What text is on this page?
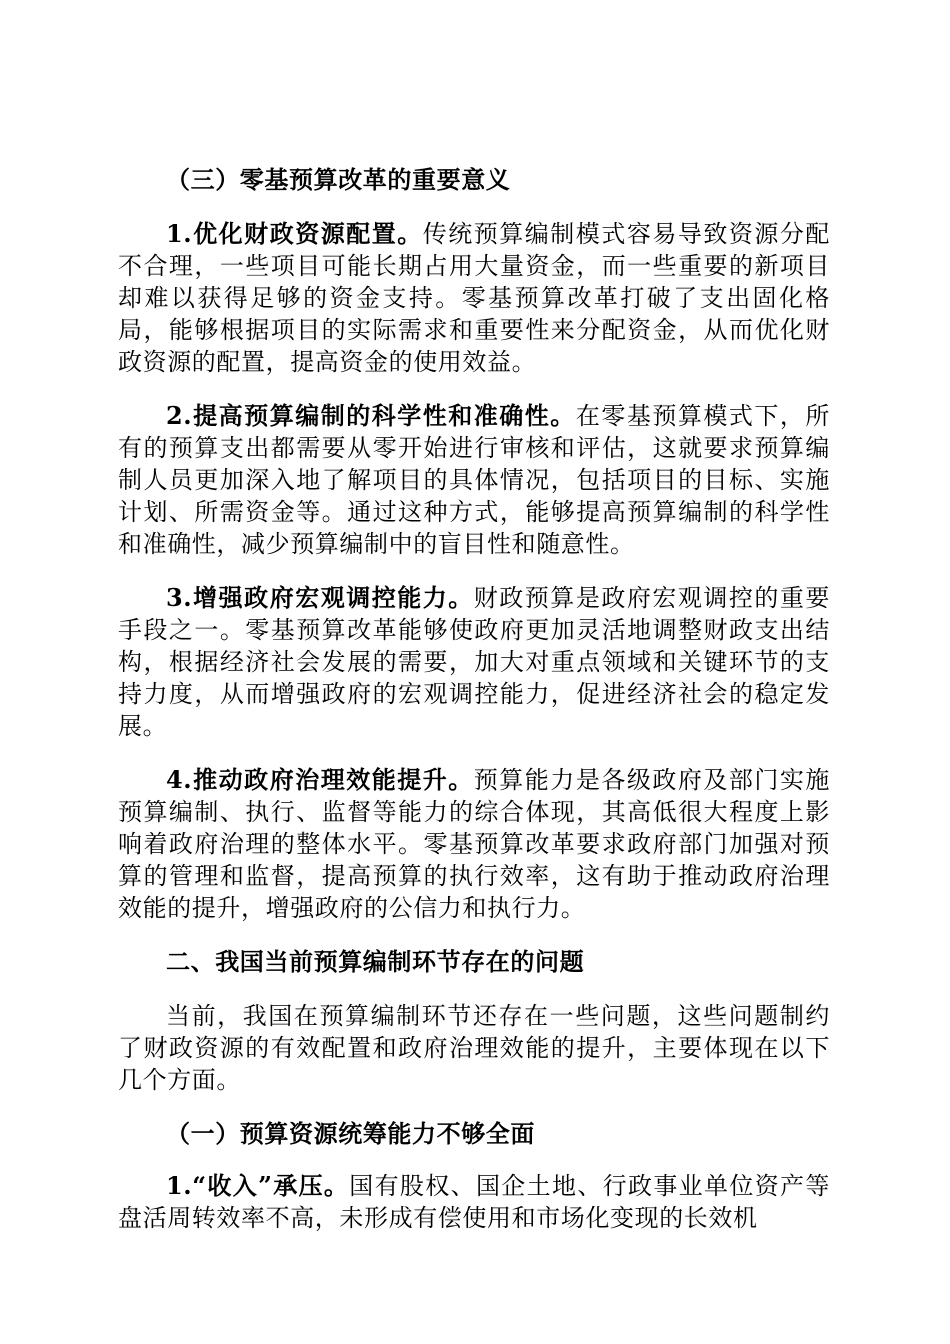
（三）零基预算改革的重要意义

1.优化财政资源配置。传统预算编制模式容易导致资源分配不合理，一些项目可能长期占用大量资金，而一些重要的新项目却难以获得足够的资金支持。零基预算改革打破了支出固化格局，能够根据项目的实际需求和重要性来分配资金，从而优化财政资源的配置，提高资金的使用效益。

2.提高预算编制的科学性和准确性。在零基预算模式下，所有的预算支出都需要从零开始进行审核和评估，这就要求预算编制人员更加深入地了解项目的具体情况，包括项目的目标、实施计划、所需资金等。通过这种方式，能够提高预算编制的科学性和准确性，减少预算编制中的盲目性和随意性。

3.增强政府宏观调控能力。财政预算是政府宏观调控的重要手段之一。零基预算改革能够使政府更加灵活地调整财政支出结构，根据经济社会发展的需要，加大对重点领域和关键环节的支持力度，从而增强政府的宏观调控能力，促进经济社会的稳定发展。

4.推动政府治理效能提升。预算能力是各级政府及部门实施预算编制、执行、监督等能力的综合体现，其高低很大程度上影响着政府治理的整体水平。零基预算改革要求政府部门加强对预算的管理和监督，提高预算的执行效率，这有助于推动政府治理效能的提升，增强政府的公信力和执行力。

二、我国当前预算编制环节存在的问题

当前，我国在预算编制环节还存在一些问题，这些问题制约了财政资源的有效配置和政府治理效能的提升，主要体现在以下几个方面。

（一）预算资源统筹能力不够全面

1.“收入”承压。国有股权、国企土地、行政事业单位资产等盘活周转效率不高，未形成有偿使用和市场化变现的长效机
